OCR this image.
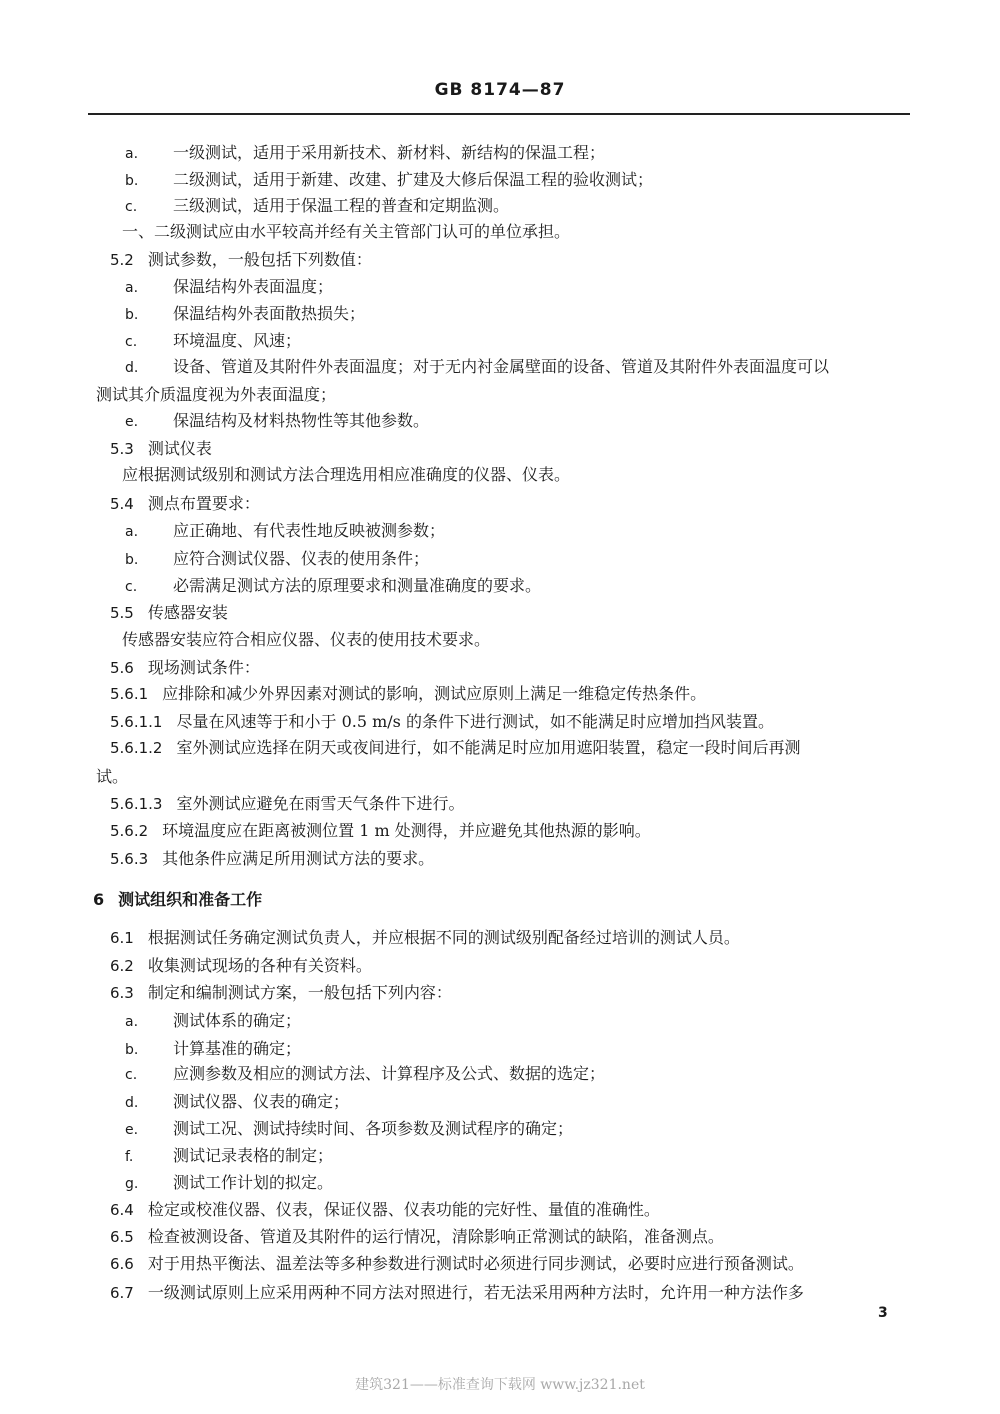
GB 8174—87
a. 一级测试，适用于采用新技术、新材料、新结构的保温工程；
b. 二级测试，适用于新建、改建、扩建及大修后保温工程的验收测试；
c. 三级测试，适用于保温工程的普查和定期监测。
一、二级测试应由水平较高并经有关主管部门认可的单位承担。
5.2 测试参数，一般包括下列数值：
a. 保温结构外表面温度；
b. 保温结构外表面散热损失；
c. 环境温度、风速；
d. 设备、管道及其附件外表面温度；对于无内衬金属壁面的设备、管道及其附件外表面温度可以
测试其介质温度视为外表面温度；
e. 保温结构及材料热物性等其他参数。
5.3 测试仪表
应根据测试级别和测试方法合理选用相应准确度的仪器、仪表。
5.4 测点布置要求：
a. 应正确地、有代表性地反映被测参数；
b. 应符合测试仪器、仪表的使用条件；
c. 必需满足测试方法的原理要求和测量准确度的要求。
5.5 传感器安装
传感器安装应符合相应仪器、仪表的使用技术要求。
5.6 现场测试条件：
5.6.1 应排除和减少外界因素对测试的影响，测试应原则上满足一维稳定传热条件。
5.6.1.1 尽量在风速等于和小于 0.5 m/s 的条件下进行测试，如不能满足时应增加挡风装置。
5.6.1.2 室外测试应选择在阴天或夜间进行，如不能满足时应加用遮阳装置，稳定一段时间后再测
试。
5.6.1.3 室外测试应避免在雨雪天气条件下进行。
5.6.2 环境温度应在距离被测位置 1 m 处测得，并应避免其他热源的影响。
5.6.3 其他条件应满足所用测试方法的要求。
6 测试组织和准备工作
6.1 根据测试任务确定测试负责人，并应根据不同的测试级别配备经过培训的测试人员。
6.2 收集测试现场的各种有关资料。
6.3 制定和编制测试方案，一般包括下列内容：
a. 测试体系的确定；
b. 计算基准的确定；
c. 应测参数及相应的测试方法、计算程序及公式、数据的选定；
d. 测试仪器、仪表的确定；
e. 测试工况、测试持续时间、各项参数及测试程序的确定；
f. 测试记录表格的制定；
g. 测试工作计划的拟定。
6.4 检定或校准仪器、仪表，保证仪器、仪表功能的完好性、量值的准确性。
6.5 检查被测设备、管道及其附件的运行情况，清除影响正常测试的缺陷，准备测点。
6.6 对于用热平衡法、温差法等多种参数进行测试时必须进行同步测试，必要时应进行预备测试。
6.7 一级测试原则上应采用两种不同方法对照进行，若无法采用两种方法时，允许用一种方法作多
3
建筑321——标准查询下载网 www.jz321.net
